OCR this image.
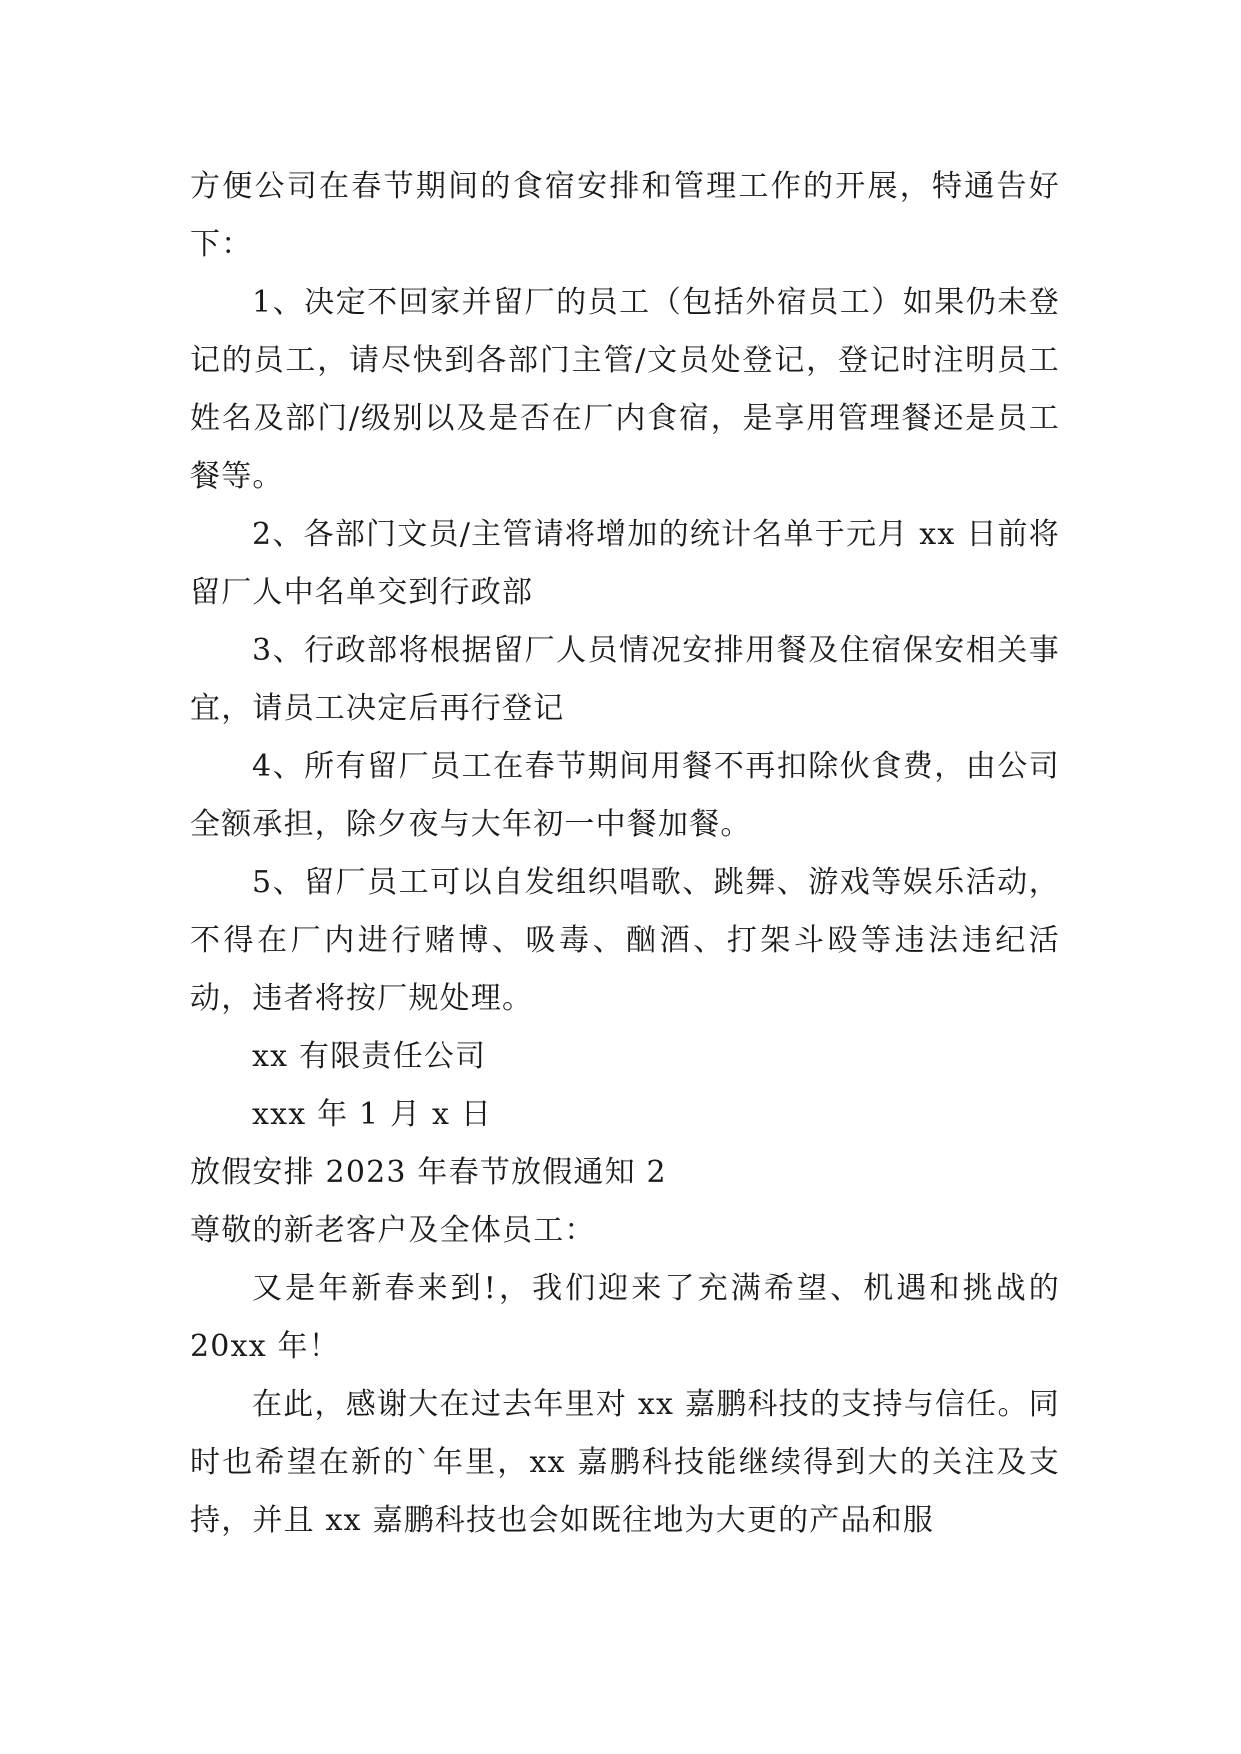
方便公司在春节期间的食宿安排和管理工作的开展，特通告好下：

1、决定不回家并留厂的员工（包括外宿员工）如果仍未登记的员工，请尽快到各部门主管/文员处登记，登记时注明员工姓名及部门/级别以及是否在厂内食宿，是享用管理餐还是员工餐等。

2、各部门文员/主管请将增加的统计名单于元月 xx 日前将留厂人中名单交到行政部

3、行政部将根据留厂人员情况安排用餐及住宿保安相关事宜，请员工决定后再行登记

4、所有留厂员工在春节期间用餐不再扣除伙食费，由公司全额承担，除夕夜与大年初一中餐加餐。

5、留厂员工可以自发组织唱歌、跳舞、游戏等娱乐活动，不得在厂内进行赌博、吸毒、酗酒、打架斗殴等违法违纪活动，违者将按厂规处理。

xx 有限责任公司

xxx 年 1 月 x 日

放假安排 2023 年春节放假通知 2

尊敬的新老客户及全体员工：

又是年新春来到!，我们迎来了充满希望、机遇和挑战的 20xx 年！

在此，感谢大在过去年里对 xx 嘉鹏科技的支持与信任。同时也希望在新的`年里，xx 嘉鹏科技能继续得到大的关注及支持，并且 xx 嘉鹏科技也会如既往地为大更的产品和服
